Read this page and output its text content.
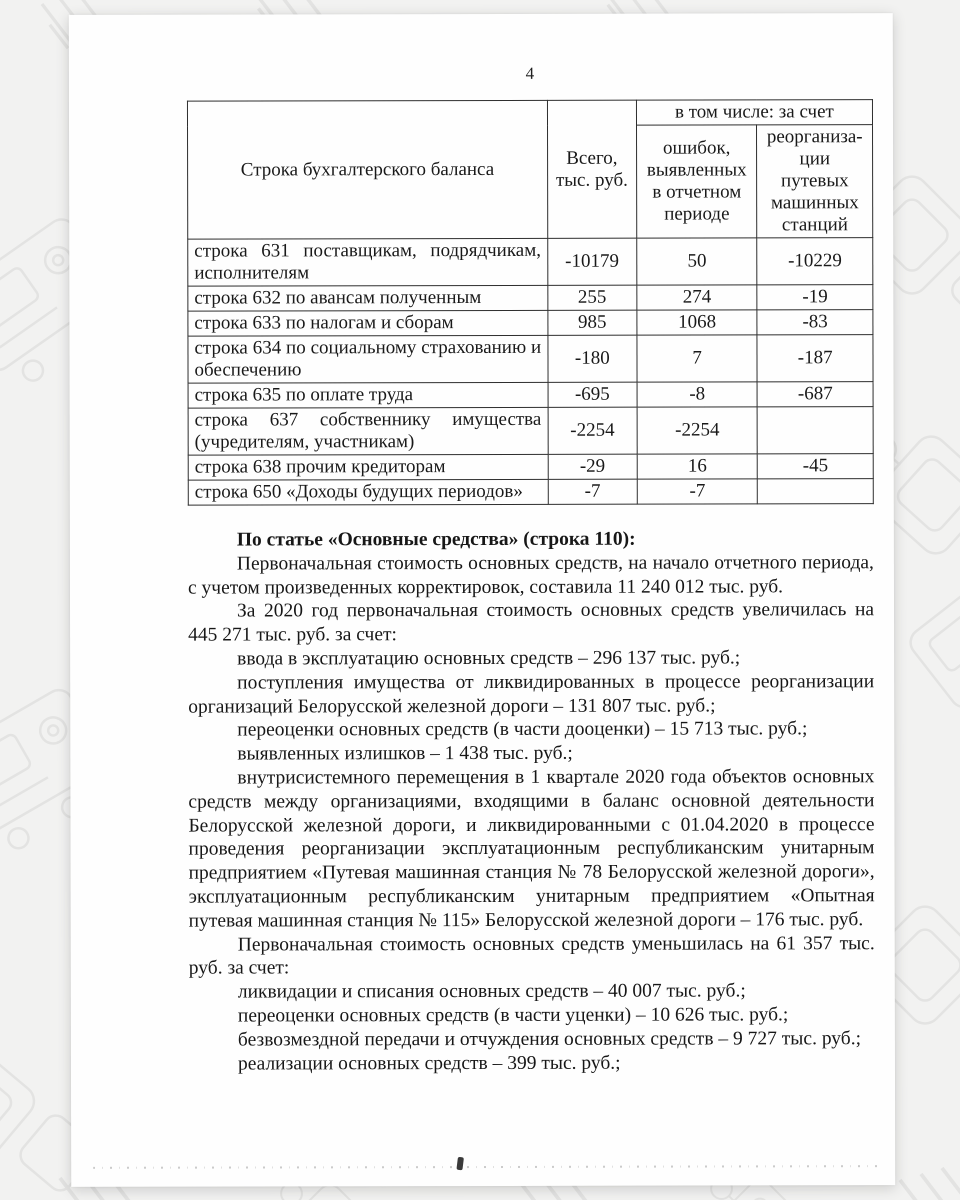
4

Строка бухгалтерского баланса	Всего, тыс. руб.	в том числе: за счет	
		ошибок, выявленных в отчетном периоде	реорганиза-ции путевых машинных станций
строка 631 поставщикам, подрядчикам, исполнителям	-10179	50	-10229
строка 632 по авансам полученным	255	274	-19
строка 633 по налогам и сборам	985	1068	-83
строка 634 по социальному страхованию и обеспечению	-180	7	-187
строка 635 по оплате труда	-695	-8	-687
строка 637 собственнику имущества (учредителям, участникам)	-2254	-2254	
строка 638 прочим кредиторам	-29	16	-45
строка 650 «Доходы будущих периодов»	-7	-7	
По статье «Основные средства» (строка 110):

Первоначальная стоимость основных средств, на начало отчетного периода, с учетом произведенных корректировок, составила 11 240 012 тыс. руб.

За 2020 год первоначальная стоимость основных средств увеличилась на 445 271 тыс. руб. за счет:

ввода в эксплуатацию основных средств – 296 137 тыс. руб.;

поступления имущества от ликвидированных в процессе реорганизации организаций Белорусской железной дороги – 131 807 тыс. руб.;

переоценки основных средств (в части дооценки) – 15 713 тыс. руб.;

выявленных излишков – 1 438 тыс. руб.;

внутрисистемного перемещения в 1 квартале 2020 года объектов основных средств между организациями, входящими в баланс основной деятельности Белорусской железной дороги, и ликвидированными с 01.04.2020 в процессе проведения реорганизации эксплуатационным республиканским унитарным предприятием «Путевая машинная станция № 78 Белорусской железной дороги», эксплуатационным республиканским унитарным предприятием «Опытная путевая машинная станция № 115» Белорусской железной дороги – 176 тыс. руб.

Первоначальная стоимость основных средств уменьшилась на 61 357 тыс. руб. за счет:

ликвидации и списания основных средств – 40 007 тыс. руб.;

переоценки основных средств (в части уценки) – 10 626 тыс. руб.;

безвозмездной передачи и отчуждения основных средств – 9 727 тыс. руб.;

реализации основных средств – 399 тыс. руб.;
